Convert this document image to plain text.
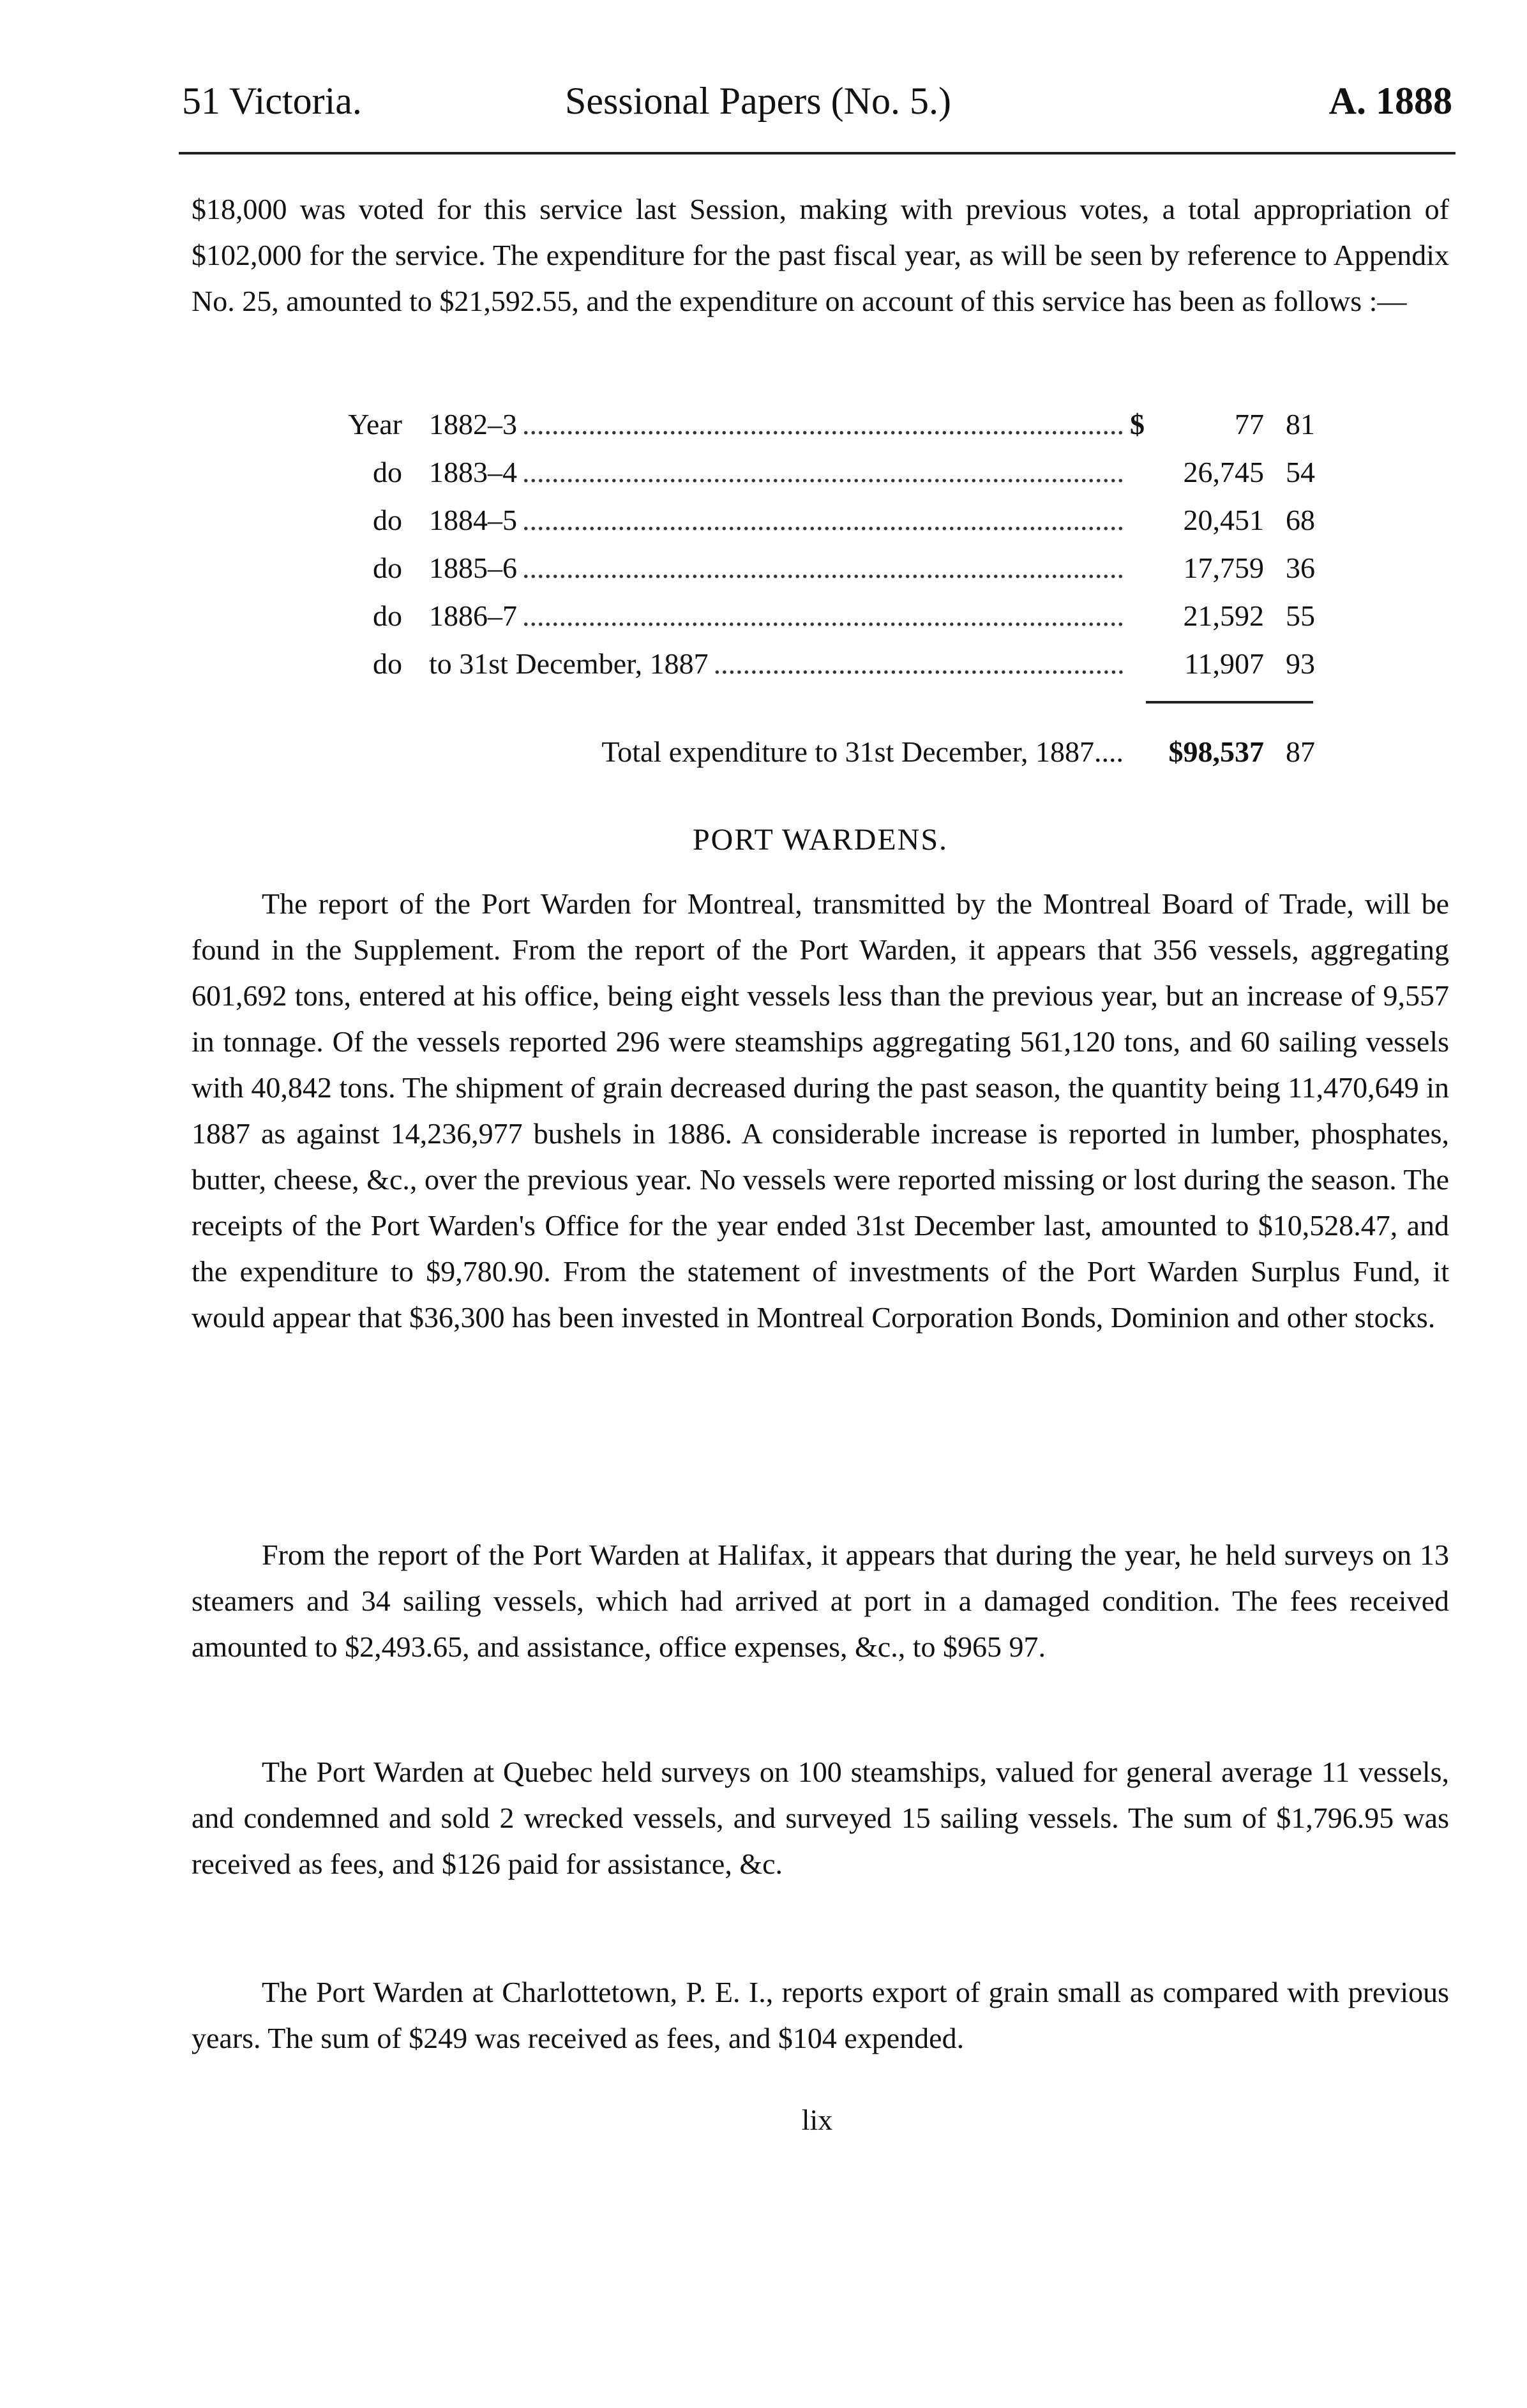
51 Victoria.	Sessional Papers (No. 5.)	A. 1888

$18,000 was voted for this service last Session, making with previous votes, a total appropriation of $102,000 for the service. The expenditure for the past fiscal year, as will be seen by reference to Appendix No. 25, amounted to $21,592.55, and the expenditure on account of this service has been as follows :—

Year 1882–3 .....	$	77 81
do 1883–4 .....	26,745 54
do 1884–5 .....	20,451 68
do 1885–6 .....	17,759 36
do 1886–7 .....	21,592 55
do to 31st December, 1887 .....	11,907 93
Total expenditure to 31st December, 1887....	$98,537 87
PORT WARDENS.

The report of the Port Warden for Montreal, transmitted by the Montreal Board of Trade, will be found in the Supplement. From the report of the Port Warden, it appears that 356 vessels, aggregating 601,692 tons, entered at his office, being eight vessels less than the previous year, but an increase of 9,557 in tonnage. Of the vessels reported 296 were steamships aggregating 561,120 tons, and 60 sailing vessels with 40,842 tons. The shipment of grain decreased during the past season, the quantity being 11,470,649 in 1887 as against 14,236,977 bushels in 1886. A considerable increase is reported in lumber, phosphates, butter, cheese, &c., over the previous year. No vessels were reported missing or lost during the season. The receipts of the Port Warden's Office for the year ended 31st December last, amounted to $10,528.47, and the expenditure to $9,780.90. From the statement of investments of the Port Warden Surplus Fund, it would appear that $36,300 has been invested in Montreal Corporation Bonds, Dominion and other stocks.

From the report of the Port Warden at Halifax, it appears that during the year, he held surveys on 13 steamers and 34 sailing vessels, which had arrived at port in a damaged condition. The fees received amounted to $2,493.65, and assistance, office expenses, &c., to $965 97.

The Port Warden at Quebec held surveys on 100 steamships, valued for general average 11 vessels, and condemned and sold 2 wrecked vessels, and surveyed 15 sailing vessels. The sum of $1,796.95 was received as fees, and $126 paid for assistance, &c.

The Port Warden at Charlottetown, P. E. I., reports export of grain small as compared with previous years. The sum of $249 was received as fees, and $104 expended.

lix
